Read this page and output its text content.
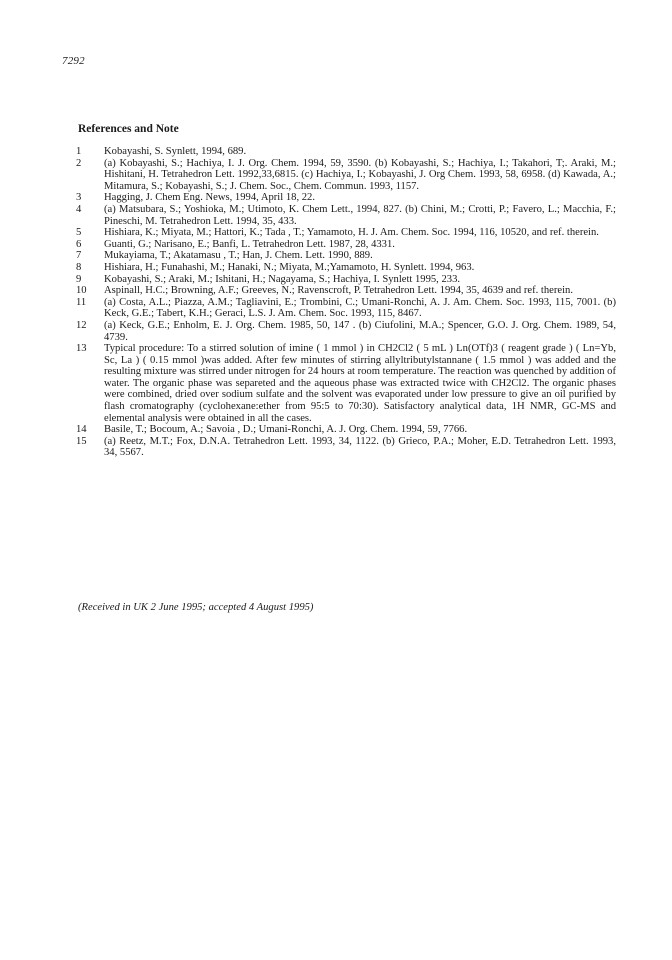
7292
References and Note
1	Kobayashi, S. Synlett, 1994, 689.
2	(a) Kobayashi, S.; Hachiya, I. J. Org. Chem. 1994, 59, 3590. (b) Kobayashi, S.; Hachiya, I.; Takahori, T;. Araki, M.; Hishitani, H. Tetrahedron Lett. 1992,33,6815. (c) Hachiya, I.; Kobayashi, J. Org Chem. 1993, 58, 6958. (d) Kawada, A.; Mitamura, S.; Kobayashi, S.; J. Chem. Soc., Chem. Commun. 1993, 1157.
3	Hagging, J. Chem Eng. News, 1994, April 18, 22.
4	(a) Matsubara, S.; Yoshioka, M.; Utimoto, K. Chem Lett., 1994, 827. (b) Chini, M.; Crotti, P.; Favero, L.; Macchia, F.; Pineschi, M. Tetrahedron Lett. 1994, 35, 433.
5	Hishiara, K.; Miyata, M.; Hattori, K.; Tada , T.; Yamamoto, H. J. Am. Chem. Soc. 1994, 116, 10520, and ref. therein.
6	Guanti, G.; Narisano, E.; Banfi, L. Tetrahedron Lett. 1987, 28, 4331.
7	Mukayiama, T.; Akatamasu , T.; Han, J. Chem. Lett. 1990, 889.
8	Hishiara, H.; Funahashi, M.; Hanaki, N.; Miyata, M.;Yamamoto, H. Synlett. 1994, 963.
9	Kobayashi, S.; Araki, M.; Ishitani, H.; Nagayama, S.; Hachiya, I. Synlett 1995, 233.
10	Aspinall, H.C.; Browning, A.F.; Greeves, N.; Ravenscroft, P. Tetrahedron Lett. 1994, 35, 4639 and ref. therein.
11	(a) Costa, A.L.; Piazza, A.M.; Tagliavini, E.; Trombini, C.; Umani-Ronchi, A. J. Am. Chem. Soc. 1993, 115, 7001. (b) Keck, G.E.; Tabert, K.H.; Geraci, L.S. J. Am. Chem. Soc. 1993, 115, 8467.
12	(a) Keck, G.E.; Enholm, E. J. Org. Chem. 1985, 50, 147 . (b) Ciufolini, M.A.; Spencer, G.O. J. Org. Chem. 1989, 54, 4739.
13	Typical procedure: To a stirred solution of imine ( 1 mmol ) in CH2Cl2 ( 5 mL ) Ln(OTf)3 ( reagent grade ) ( Ln=Yb, Sc, La ) ( 0.15 mmol )was added. After few minutes of stirring allyltributylstannane ( 1.5 mmol ) was added and the resulting mixture was stirred under nitrogen for 24 hours at room temperature. The reaction was quenched by addition of water. The organic phase was separeted and the aqueous phase was extracted twice with CH2Cl2. The organic phases were combined, dried over sodium sulfate and the solvent was evaporated under low pressure to give an oil purified by flash cromatography (cyclohexane:ether from 95:5 to 70:30). Satisfactory analytical data, 1H NMR, GC-MS and elemental analysis were obtained in all the cases.
14	Basile, T.; Bocoum, A.; Savoia , D.; Umani-Ronchi, A. J. Org. Chem. 1994, 59, 7766.
15	(a) Reetz, M.T.; Fox, D.N.A. Tetrahedron Lett. 1993, 34, 1122. (b) Grieco, P.A.; Moher, E.D. Tetrahedron Lett. 1993, 34, 5567.
(Received in UK 2 June 1995; accepted 4 August 1995)
